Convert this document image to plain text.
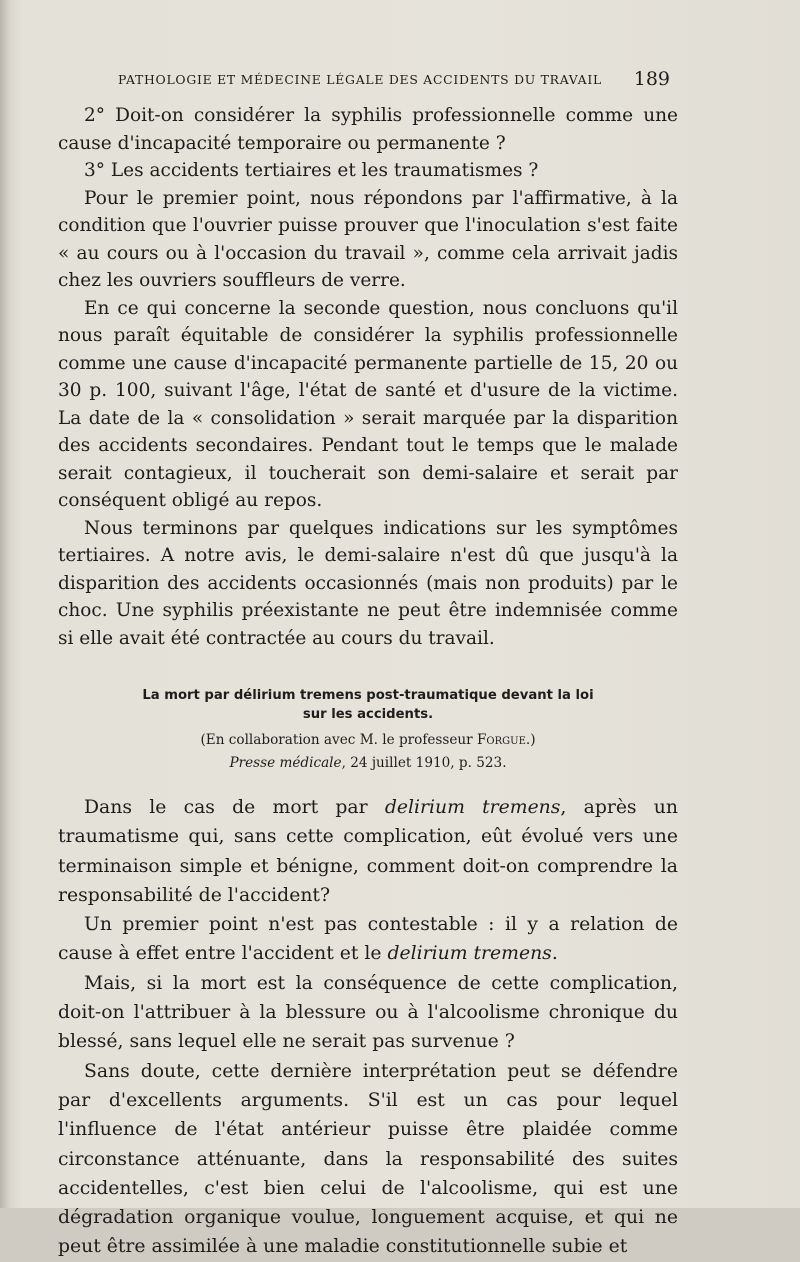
PATHOLOGIE ET MÉDECINE LÉGALE DES ACCIDENTS DU TRAVAIL 189

2° Doit-on considérer la syphilis professionnelle comme une cause d'incapacité temporaire ou permanente ?

3° Les accidents tertiaires et les traumatismes ?

Pour le premier point, nous répondons par l'affirmative, à la condition que l'ouvrier puisse prouver que l'inoculation s'est faite « au cours ou à l'occasion du travail », comme cela arrivait jadis chez les ouvriers souffleurs de verre.

En ce qui concerne la seconde question, nous concluons qu'il nous paraît équitable de considérer la syphilis professionnelle comme une cause d'incapacité permanente partielle de 15, 20 ou 30 p. 100, suivant l'âge, l'état de santé et d'usure de la victime. La date de la « consolidation » serait marquée par la disparition des accidents secondaires. Pendant tout le temps que le malade serait contagieux, il toucherait son demi-salaire et serait par conséquent obligé au repos.

Nous terminons par quelques indications sur les symptômes tertiaires. A notre avis, le demi-salaire n'est dû que jusqu'à la disparition des accidents occasionnés (mais non produits) par le choc. Une syphilis préexistante ne peut être indemnisée comme si elle avait été contractée au cours du travail.

La mort par délirium tremens post-traumatique devant la loi
sur les accidents.
(En collaboration avec M. le professeur Forgue.)
Presse médicale, 24 juillet 1910, p. 523.

Dans le cas de mort par delirium tremens, après un traumatisme qui, sans cette complication, eût évolué vers une terminaison simple et bénigne, comment doit-on comprendre la responsabilité de l'accident?

Un premier point n'est pas contestable : il y a relation de cause à effet entre l'accident et le delirium tremens.

Mais, si la mort est la conséquence de cette complication, doit-on l'attribuer à la blessure ou à l'alcoolisme chronique du blessé, sans lequel elle ne serait pas survenue ?

Sans doute, cette dernière interprétation peut se défendre par d'excellents arguments. S'il est un cas pour lequel l'influence de l'état antérieur puisse être plaidée comme circonstance atténuante, dans la responsabilité des suites accidentelles, c'est bien celui de l'alcoolisme, qui est une dégradation organique voulue, longuement acquise, et qui ne peut être assimilée à une maladie constitutionnelle subie et
